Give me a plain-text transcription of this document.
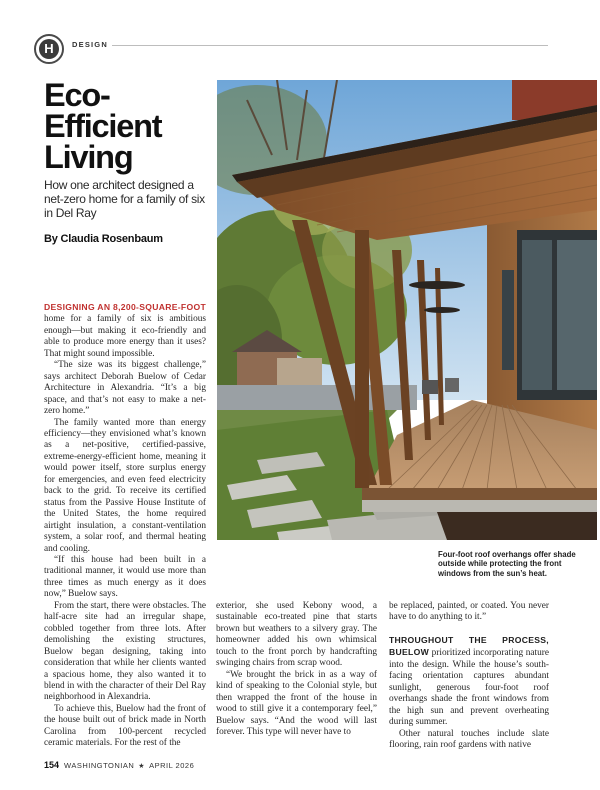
H	DESIGN
Eco-
Efficient
Living
How one architect designed a net-zero home for a family of six in Del Ray
By Claudia Rosenbaum

DESIGNING AN 8,200-SQUARE-FOOT home for a family of six is ambitious enough—but making it eco-friendly and able to produce more energy than it uses? That might sound impossible.

“The size was its biggest challenge,” says architect Deborah Buelow of Cedar Architecture in Alexandria. “It’s a big space, and that’s not easy to make a net-zero home.”

The family wanted more than energy efficiency—they envisioned what’s known as a net-positive, certified-passive, extreme-energy-efficient home, meaning it would power itself, store surplus energy for emergencies, and even feed electricity back to the grid. To receive its certified status from the Passive House Institute of the United States, the home required airtight insulation, a constant-ventilation system, a solar roof, and thermal heating and cooling.

“If this house had been built in a traditional manner, it would use more than three times as much energy as it does now,” Buelow says.

From the start, there were obstacles. The half-acre site had an irregular shape, cobbled together from three lots. After demolishing the existing structures, Buelow began designing, taking into consideration that while her clients wanted a spacious home, they also wanted it to blend in with the character of their Del Ray neighborhood in Alexandria.

To achieve this, Buelow had the front of the house built out of brick made in North Carolina from 100-percent recycled ceramic materials. For the rest of the

Four-foot roof overhangs offer shade outside while protecting the front windows from the sun’s heat.

exterior, she used Kebony wood, a sustainable eco-treated pine that starts brown but weathers to a silvery gray. The homeowner added his own whimsical touch to the front porch by handcrafting swinging chairs from scrap wood.

“We brought the brick in as a way of kind of speaking to the Colonial style, but then wrapped the front of the house in wood to still give it a contemporary feel,” Buelow says. “And the wood will last forever. This type will never have to

be replaced, painted, or coated. You never have to do anything to it.”

THROUGHOUT THE PROCESS, BUELOW prioritized incorporating nature into the design. While the house’s south-facing orientation captures abundant sunlight, generous four-foot roof overhangs shade the front windows from the high sun and prevent overheating during summer.

Other natural touches include slate flooring, rain roof gardens with native

154 WASHINGTONIAN ★ APRIL 2026
